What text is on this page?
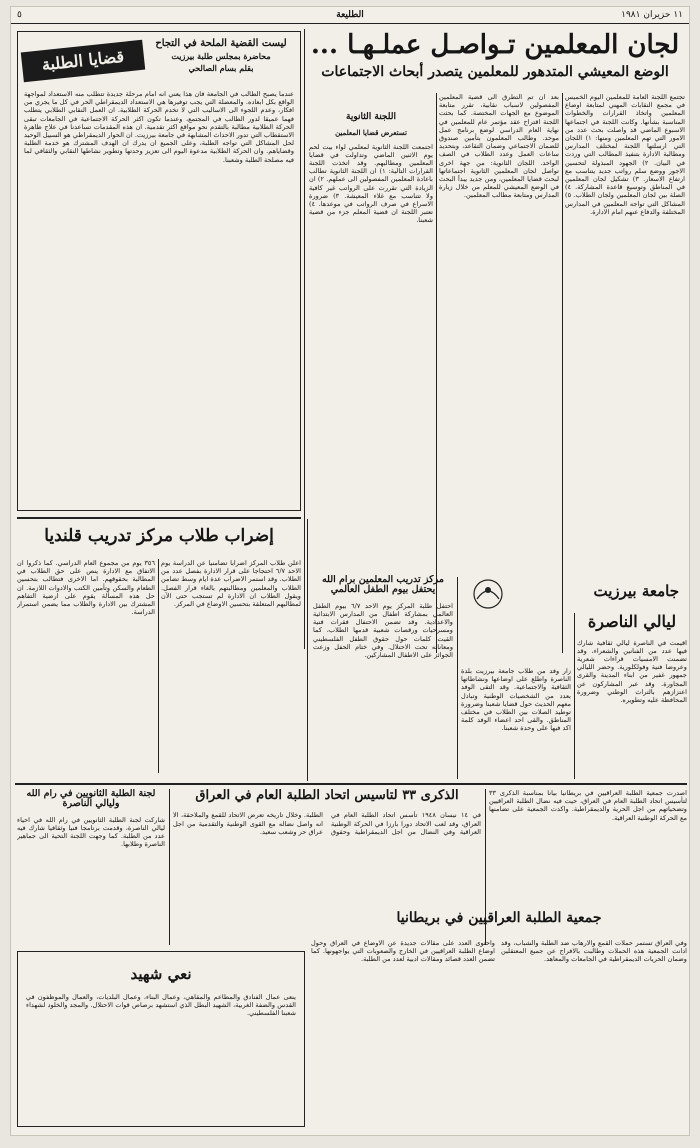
١١ حزيران ١٩٨١
الطليعة
٥
لجان المعلمين تـواصـل عملـهـا ...
الوضع المعيشي المتدهور للمعلمين يتصدر أبحاث الاجتماعات
تجتمع اللجنة العامة للمعلمين اليوم الخميس في مجمع النقابات المهني لمتابعة اوضاع المعلمين واتخاذ القرارات والخطوات المناسبة بشأنها. وكانت اللجنة في اجتماعها الاسبوع الماضي قد واصلت بحث عدد من الامور التي تهم المعلمين ومنها: ١) اللجان التي ارسلتها اللجنة لمختلف المدارس ومطالبة الادارة بتنفيذ المطالب التي وردت في البيان. ٢) الجهود المبذولة لتحسين الاجور ووضع سلم رواتب جديد يتناسب مع ارتفاع الاسعار. ٣) تشكيل لجان المعلمين في المناطق وتوسيع قاعدة المشاركة. ٤) الصلة بين لجان المعلمين ولجان الطلاب. ٥) المشاكل التي تواجه المعلمين في المدارس المختلفة والدفاع عنهم امام الادارة.
بعد ان تم التطرق الى قضية المعلمين المفصولين لاسباب نقابية، تقرر متابعة الموضوع مع الجهات المختصة. كما بحثت اللجنة اقتراح عقد مؤتمر عام للمعلمين في نهاية العام الدراسي لوضع برنامج عمل موحد. وطالب المعلمون بتأمين صندوق للضمان الاجتماعي وضمان التقاعد، وبتحديد ساعات العمل وعدد الطلاب في الصف الواحد. اللجان الثانوية: من جهة اخرى تواصل لجان المعلمين الثانوية اجتماعاتها لبحث قضايا المعلمين، ومن جديد يبدأ البحث في الوضع المعيشي للمعلم من خلال زيارة المدارس ومتابعة مطالب المعلمين.
اللجنة الثانوية
تستعرض قضايا المعلمين
اجتمعت اللجنة الثانوية لمعلمي لواء بيت لحم يوم الاثنين الماضي وتداولت في قضايا المعلمين ومطالبهم. وقد اتخذت اللجنة القرارات التالية: ١) ان اللجنة الثانوية تطالب باعادة المعلمين المفصولين الى عملهم. ٢) ان الزيادة التي تقررت على الرواتب غير كافية ولا تتناسب مع غلاء المعيشة. ٣) ضرورة الاسراع في صرف الرواتب في موعدها. ٤) تعتبر اللجنة ان قضية المعلم جزء من قضية شعبنا.
قضايا الطلبة
ليست القضية الملحة في التجاح
محاضرة بمجلس طلبة بيرزيت
بقلم بسام الصالحي
عندما يصبح الطالب في الجامعة فان هذا يعني انه امام مرحلة جديدة تتطلب منه الاستعداد لمواجهة الواقع بكل ابعاده. والمعضلة التي يجب توفيرها هي الاستعداد الديمقراطي الحر في كل ما يجري من افكار، وعدم اللجوء الى الاساليب التي لا تخدم الحركة الطلابية. ان العمل النقابي الطلابي يتطلب فهما عميقا لدور الطالب في المجتمع، وعندما تكون اكثر الحركة الاجتماعية في الجامعات تبقى الحركة الطلابية مطالبة بالتقدم نحو مواقع اكثر تقدمية. ان هذه المقدمات تساعدنا في علاج ظاهرة الاستقطاب التي تدور الاحداث المشابهة في جامعة بيرزيت. ان الحوار الديمقراطي هو السبيل الوحيد لحل المشاكل التي تواجه الطلبة، وعلى الجميع ان يدرك ان الهدف المشترك هو خدمة الطلبة وقضاياهم. وان الحركة الطلابية مدعوة اليوم الى تعزيز وحدتها وتطوير نشاطها النقابي والثقافي لما فيه مصلحة الطلبة وشعبنا.
إضراب طلاب مركز تدريب قلنديا
اعلن طلاب المركز اضرابا تضامنيا عن الدراسة يوم الاحد ٦/٧ احتجاجا على قرار الادارة بفصل عدد من الطلاب. وقد استمر الاضراب عدة ايام وسط تضامن الطلاب والمعلمين ومطالبتهم بالغاء قرار الفصل. ويقول الطلاب ان الادارة لم تستجب حتى الآن لمطالبهم المتعلقة بتحسين الاوضاع في المركز.
٣٥٦ يوم من مجموع العام الدراسي. كما ذكروا ان الاتفاق مع الادارة ينص على حق الطلاب في المطالبة بحقوقهم. اما الاخرى فتطالب بتحسين الطعام والسكن وتأمين الكتب والادوات اللازمة. ان حل هذه المسألة يقوم على ارضية التفاهم المشترك بين الادارة والطلاب مما يضمن استمرار الدراسة.
مركز تدريب المعلمين برام الله يحتفل بيوم الطفل العالمي
احتفل طلبة المركز يوم الاحد ٦/٧ بيوم الطفل العالمي بمشاركة اطفال من المدارس الابتدائية والاعدادية. وقد تضمن الاحتفال فقرات فنية ومسرحيات ورقصات شعبية قدمها الطلاب، كما القيت كلمات حول حقوق الطفل الفلسطيني ومعاناته تحت الاحتلال. وفي ختام الحفل وزعت الجوائز على الاطفال المشاركين.
جامعة بيرزيت
زار وفد من طلاب جامعة بيرزيت بلدة الناصرة واطلع على اوضاعها ونشاطاتها الثقافية والاجتماعية. وقد التقى الوفد بعدد من الشخصيات الوطنية وتبادل معهم الحديث حول قضايا شعبنا وضرورة توطيد الصلات بين الطلاب في مختلف المناطق. والقى احد اعضاء الوفد كلمة اكد فيها على وحدة شعبنا.
ليالي الناصرة
اقيمت في الناصرة ليالي ثقافية شارك فيها عدد من الفنانين والشعراء، وقد تضمنت الامسيات قراءات شعرية وعروضا فنية وفولكلورية. وحضر الليالي جمهور غفير من ابناء المدينة والقرى المجاورة. وقد عبر المشاركون عن اعتزازهم بالتراث الوطني وضرورة المحافظة عليه وتطويره.
لجنة الطلبة الثانويين في رام الله وليالي الناصرة
شاركت لجنة الطلبة الثانويين في رام الله في احياء ليالي الناصرة، وقدمت برنامجا فنيا وثقافيا شارك فيه عدد من الطلبة. كما وجهت اللجنة التحية الى جماهير الناصرة وطلابها.
الذكرى ٣٣ لتأسيس اتحاد الطلبة العام في العراق
في ١٤ نيسان ١٩٤٨ تأسس اتحاد الطلبة العام في العراق، وقد لعب الاتحاد دورا بارزا في الحركة الوطنية العراقية وفي النضال من اجل الديمقراطية وحقوق الطلبة. وخلال تاريخه تعرض الاتحاد للقمع والملاحقة، الا انه واصل نضاله مع القوى الوطنية والتقدمية من اجل عراق حر وشعب سعيد.
جمعية الطلبة العراقيين في بريطانيا
اصدرت جمعية الطلبة العراقيين في بريطانيا بيانا بمناسبة الذكرى ٣٣ لتأسيس اتحاد الطلبة العام في العراق، حيت فيه نضال الطلبة العراقيين وتضحياتهم من اجل الحرية والديمقراطية. واكدت الجمعية على تضامنها مع الحركة الوطنية العراقية.
واحتوى العدد على مقالات جديدة عن الاوضاع في العراق وحول اوضاع الطلبة العراقيين في الخارج والصعوبات التي يواجهونها. كما تضمن العدد قصائد ومقالات ادبية لعدد من الطلبة.
وفي العراق تستمر حملات القمع والارهاب ضد الطلبة والشباب، وقد ادانت الجمعية هذه الحملات وطالبت بالافراج عن جميع المعتقلين وضمان الحريات الديمقراطية في الجامعات والمعاهد.
نعي شهيد
ينعى عمال الفنادق والمطاعم والمقاهي، وعمال البناء، وعمال البلديات، والعمال والموظفون في القدس والضفة الغربية، الشهيد البطل الذي استشهد برصاص قوات الاحتلال. والمجد والخلود لشهداء شعبنا الفلسطيني.
